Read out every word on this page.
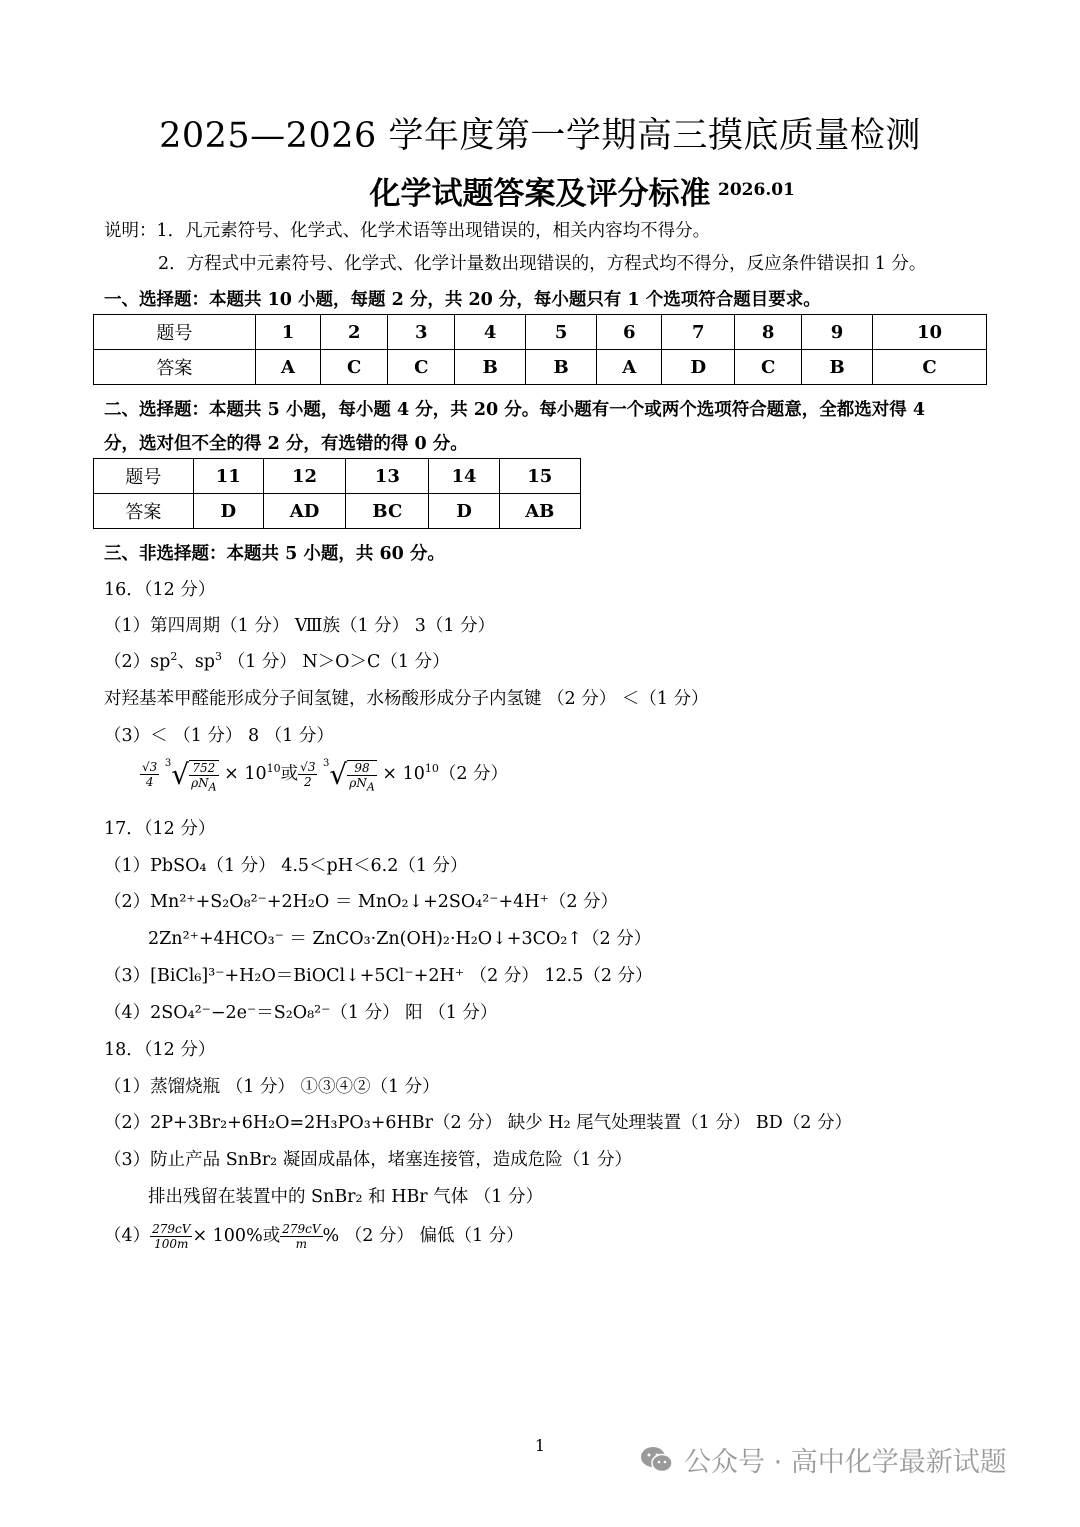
2025—2026 学年度第一学期高三摸底质量检测
化学试题答案及评分标准 2026.01
说明：1．凡元素符号、化学式、化学术语等出现错误的，相关内容均不得分。
2．方程式中元素符号、化学式、化学计量数出现错误的，方程式均不得分，反应条件错误扣 1 分。
一、选择题：本题共 10 小题，每题 2 分，共 20 分，每小题只有 1 个选项符合题目要求。
题号	1	2	3	4	5	6	7	8	9	10
答案	A	C	C	B	B	A	D	C	B	C
二、选择题：本题共 5 小题，每小题 4 分，共 20 分。每小题有一个或两个选项符合题意，全都选对得 4
分，选对但不全的得 2 分，有选错的得 0 分。
题号	11	12	13	14	15
答案	D	AD	BC	D	AB
三、非选择题：本题共 5 小题，共 60 分。
16．（12 分）
（1）第四周期（1 分） Ⅷ族（1 分） 3（1 分）
$(2)sp^2$、$sp^3$ （1 分） N＞O＞C（1 分）
对羟基苯甲醛能形成分子间氢键，水杨酸形成分子内氢键 （2 分） ＜（1 分）
（3）＜ （1 分） 8 （1 分）
$\frac{√3}{4} ^3√ \frac{752}{\rho N_A} \times 10^{10}$或 $\frac{√3}{2} ^3√ \frac{98}{\rho N_A} \times 10^{10}(2$ 分）
17．（12 分）
（1）PbSO₄（1 分） 4.5＜pH＜6.2（1 分）
（2）Mn²⁺+S₂O₈²⁻+2H₂O ＝ MnO₂↓+2SO₄²⁻+4H⁺（2 分）
2Zn²⁺+4HCO₃⁻ ＝ ZnCO₃·Zn(OH)₂·H₂O↓+3CO₂↑（2 分）
（3）[BiCl₆]³⁻+H₂O＝BiOCl↓+5Cl⁻+2H⁺ （2 分） 12.5（2 分）
（4）2SO₄²⁻−2e⁻＝S₂O₈²⁻（1 分） 阳 （1 分）
18．（12 分）
（1）蒸馏烧瓶 （1 分） ①③④②（1 分）
（2）2P+3Br₂+6H₂O=2H₃PO₃+6HBr（2 分） 缺少 H₂ 尾气处理装置（1 分） BD（2 分）
（3）防止产品 SnBr₂ 凝固成晶体，堵塞连接管，造成危险（1 分）
排出残留在装置中的 SnBr₂ 和 HBr 气体 （1 分）
$(4) \frac{279cV}{100m} \times 100\%$或 $\frac{279cV}{m}$ % （2 分） 偏低（1 分）
1
公众号 · 高中化学最新试题
